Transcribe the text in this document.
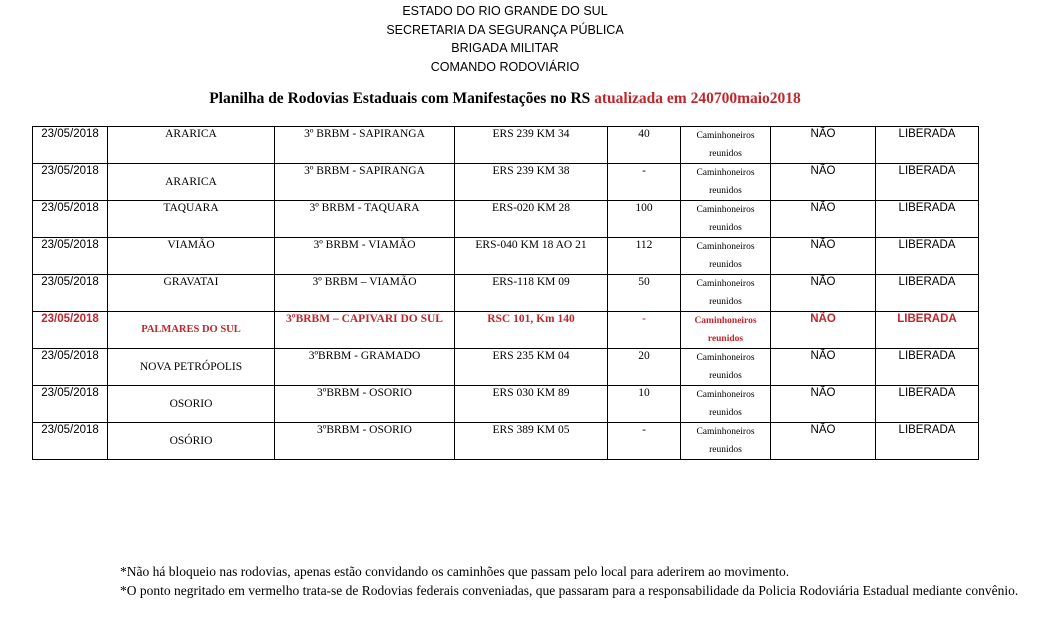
ESTADO DO RIO GRANDE DO SUL
SECRETARIA DA SEGURANÇA PÚBLICA
BRIGADA MILITAR
COMANDO RODOVIÁRIO
Planilha de Rodovias Estaduais com Manifestações no RS atualizada em 240700maio2018
23/05/2018	ARARICA	3º BRBM - SAPIRANGA	ERS 239 KM 34	40	Caminhoneiros reunidos	NÃO	LIBERADA
23/05/2018	ARARICA	3º BRBM - SAPIRANGA	ERS 239 KM 38	-	Caminhoneiros reunidos	NÃO	LIBERADA
23/05/2018	TAQUARA	3º BRBM - TAQUARA	ERS-020 KM 28	100	Caminhoneiros reunidos	NÃO	LIBERADA
23/05/2018	VIAMÃO	3º BRBM - VIAMÃO	ERS-040 KM 18 AO 21	112	Caminhoneiros reunidos	NÃO	LIBERADA
23/05/2018	GRAVATAI	3º BRBM – VIAMÃO	ERS-118 KM 09	50	Caminhoneiros reunidos	NÃO	LIBERADA
23/05/2018	PALMARES DO SUL	3ºBRBM – CAPIVARI DO SUL	RSC 101, Km 140	-	Caminhoneiros reunidos	NÃO	LIBERADA
23/05/2018	NOVA PETRÓPOLIS	3ºBRBM - GRAMADO	ERS 235 KM 04	20	Caminhoneiros reunidos	NÃO	LIBERADA
23/05/2018	OSORIO	3ºBRBM - OSORIO	ERS 030 KM 89	10	Caminhoneiros reunidos	NÃO	LIBERADA
23/05/2018	OSÓRIO	3ºBRBM - OSORIO	ERS 389 KM 05	-	Caminhoneiros reunidos	NÃO	LIBERADA

*Não há bloqueio nas rodovias, apenas estão convidando os caminhões que passam pelo local para aderirem ao movimento.

*O ponto negritado em vermelho trata-se de Rodovias federais conveniadas, que passaram para a responsabilidade da Policia Rodoviária Estadual mediante convênio.
